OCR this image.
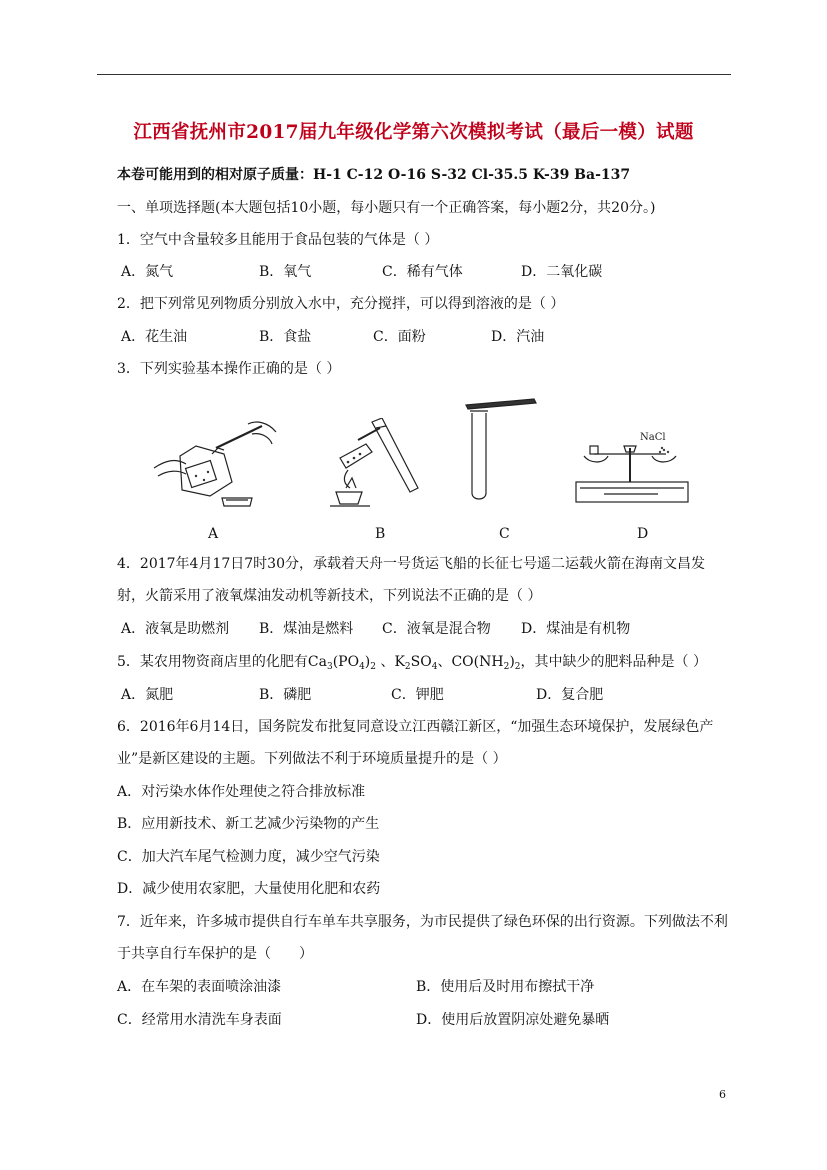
江西省抚州市2017届九年级化学第六次模拟考试（最后一模）试题
本卷可能用到的相对原子质量：H-1 C-12 O-16 S-32 Cl-35.5 K-39 Ba-137
一、单项选择题(本大题包括10小题，每小题只有一个正确答案，每小题2分，共20分。)
1．空气中含量较多且能用于食品包装的气体是（ ）
A．氮气	B．氧气	C．稀有气体	D．二氧化碳
2．把下列常见列物质分别放入水中，充分搅拌，可以得到溶液的是（ ）
A．花生油	B．食盐	C．面粉	D．汽油
3．下列实验基本操作正确的是（ ）
NaCl
A	B	C	D
4．2017年4月17日7时30分，承载着天舟一号货运飞船的长征七号遥二运载火箭在海南文昌发
射，火箭采用了液氧煤油发动机等新技术，下列说法不正确的是（ ）
A．液氧是助燃剂 B．煤油是燃料 C．液氧是混合物 D．煤油是有机物
5．某农用物资商店里的化肥有$Ca_3(PO_4)_2$ 、$K_2SO_4$、$CO(NH_2)_2$，其中缺少的肥料品种是（ ）
A．氮肥	B．磷肥	C．钾肥	D．复合肥
6．2016年6月14日，国务院发布批复同意设立江西赣江新区，“加强生态环境保护，发展绿色产
业”是新区建设的主题。下列做法不利于环境质量提升的是（ ）
A．对污染水体作处理使之符合排放标准
B．应用新技术、新工艺减少污染物的产生
C．加大汽车尾气检测力度，减少空气污染
D．减少使用农家肥，大量使用化肥和农药
7．近年来，许多城市提供自行车单车共享服务，为市民提供了绿色环保的出行资源。下列做法不利
于共享自行车保护的是（　　）
A．在车架的表面喷涂油漆	B．使用后及时用布擦拭干净
C．经常用水清洗车身表面	D．使用后放置阴凉处避免暴晒
6
